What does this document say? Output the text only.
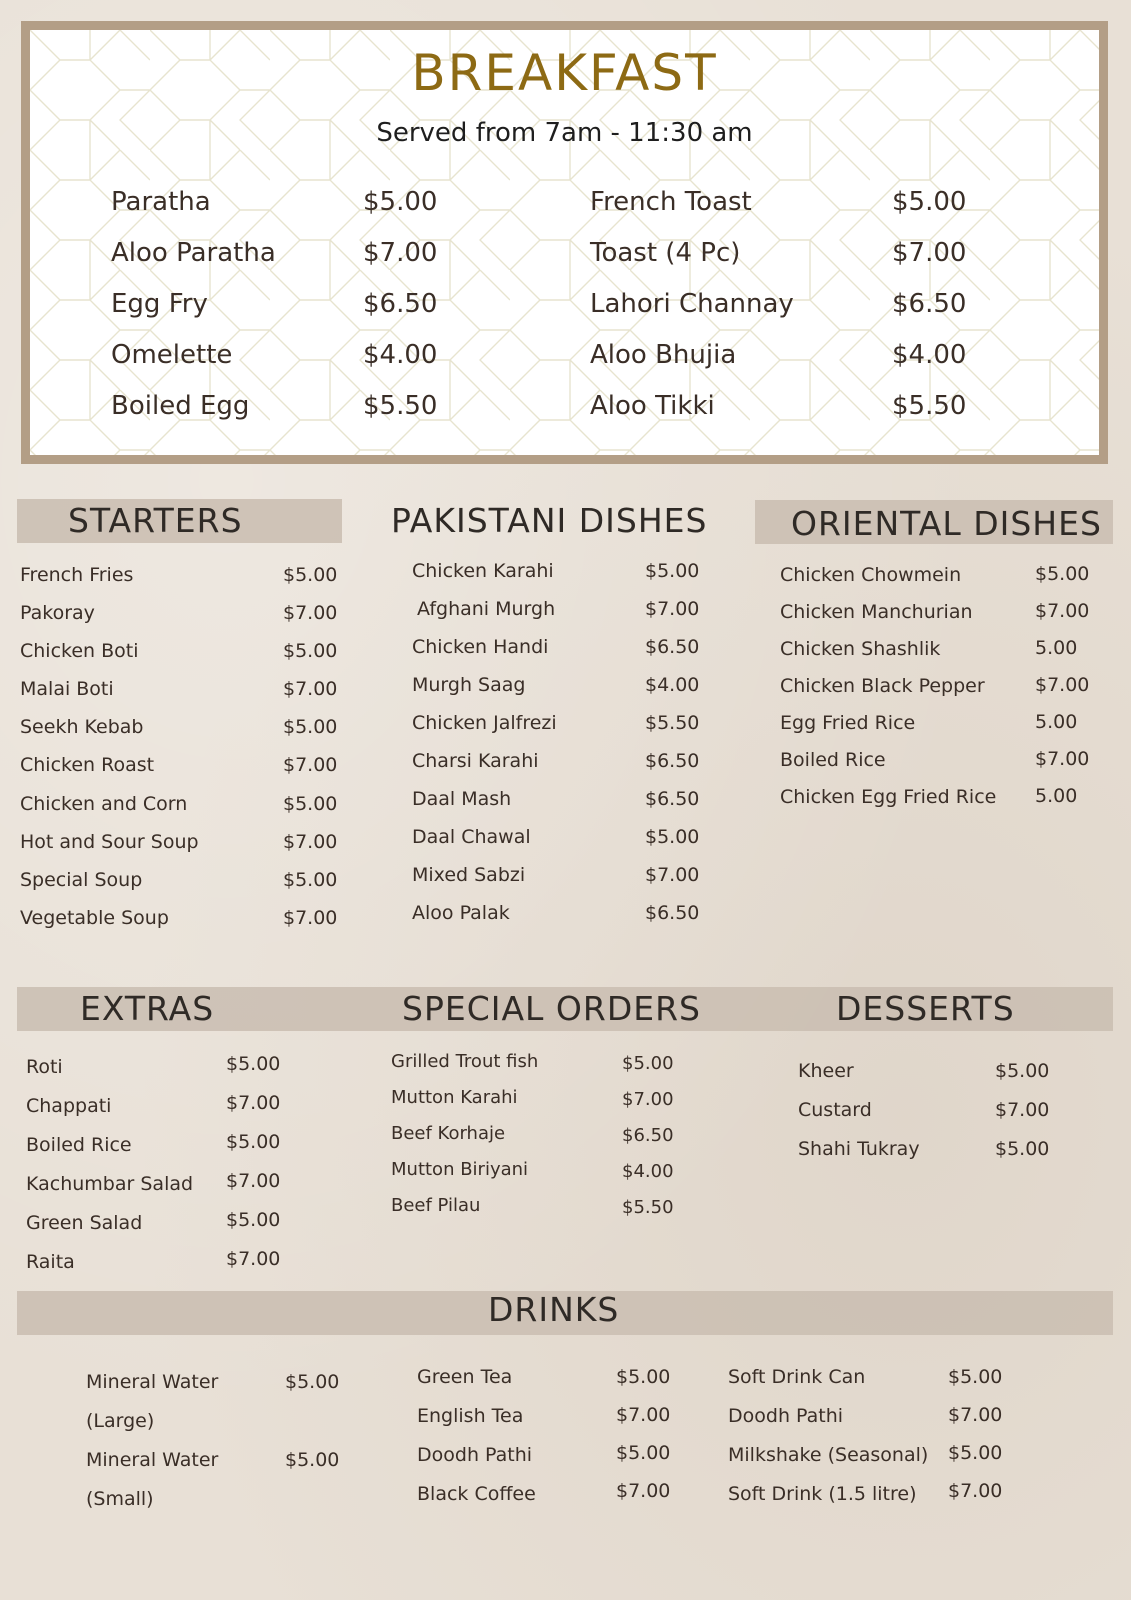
BREAKFAST
Served from 7am - 11:30 am
Paratha	$5.00
Aloo Paratha	$7.00
Egg Fry	$6.50
Omelette	$4.00
Boiled Egg	$5.50
French Toast	$5.00
Toast (4 Pc)	$7.00
Lahori Channay	$6.50
Aloo Bhujia	$4.00
Aloo Tikki	$5.50
STARTERS	PAKISTANI DISHES	ORIENTAL DISHES
French Fries	$5.00
Pakoray	$7.00
Chicken Boti	$5.00
Malai Boti	$7.00
Seekh Kebab	$5.00
Chicken Roast	$7.00
Chicken and Corn	$5.00
Hot and Sour Soup	$7.00
Special Soup	$5.00
Vegetable Soup	$7.00
Chicken Karahi	$5.00
Afghani Murgh	$7.00
Chicken Handi	$6.50
Murgh Saag	$4.00
Chicken Jalfrezi	$5.50
Charsi Karahi	$6.50
Daal Mash	$6.50
Daal Chawal	$5.00
Mixed Sabzi	$7.00
Aloo Palak	$6.50
Chicken Chowmein	$5.00
Chicken Manchurian	$7.00
Chicken Shashlik	5.00
Chicken Black Pepper	$7.00
Egg Fried Rice	5.00
Boiled Rice	$7.00
Chicken Egg Fried Rice 5.00
EXTRAS	SPECIAL ORDERS	DESSERTS
Roti	$5.00
Chappati	$7.00
Boiled Rice	$5.00
Kachumbar Salad $7.00
Green Salad	$5.00
Raita	$7.00
Grilled Trout fish	$5.00
Mutton Karahi	$7.00
Beef Korhaje	$6.50
Mutton Biriyani	$4.00
Beef Pilau	$5.50
Kheer	$5.00
Custard	$7.00
Shahi Tukray	$5.00
DRINKS
Mineral Water
(Large)
$5.00
Mineral Water
(Small)
$5.00
Green Tea	$5.00
English Tea	$7.00
Doodh Pathi	$5.00
Black Coffee	$7.00
Soft Drink Can	$5.00
Doodh Pathi	$7.00
Milkshake (Seasonal) $5.00
Soft Drink (1.5 litre) $7.00
